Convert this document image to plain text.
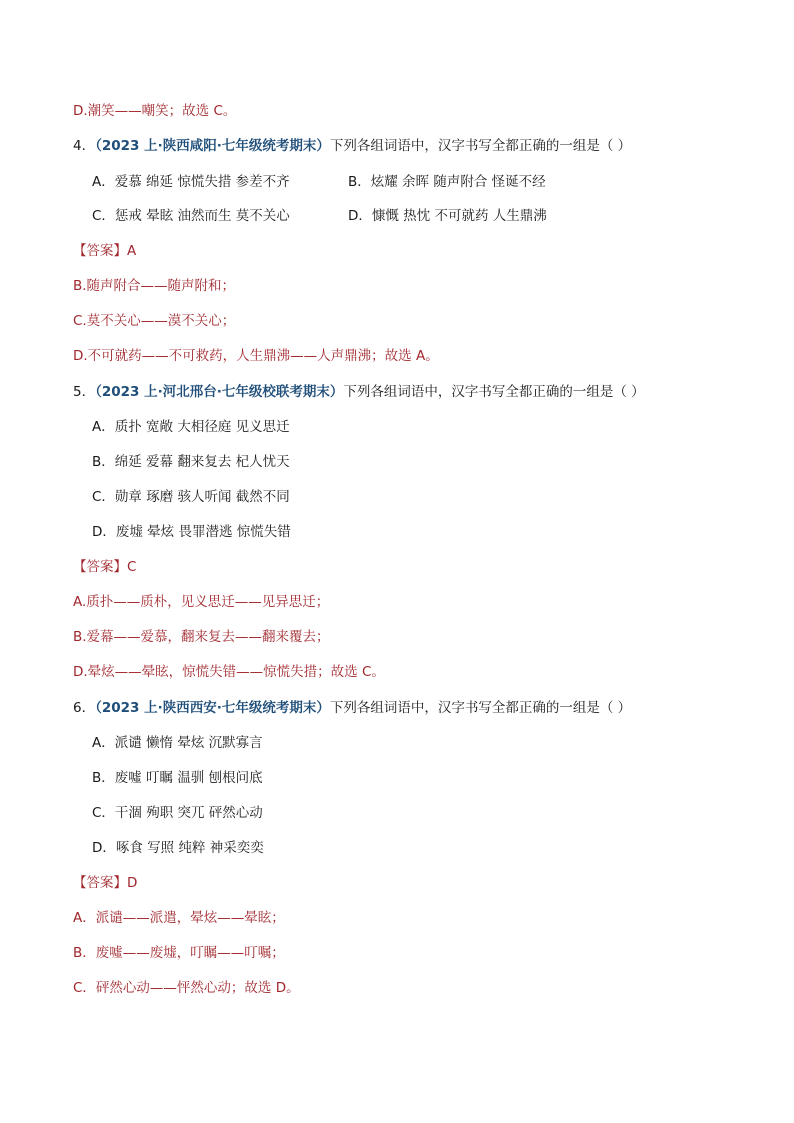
D.潮笑——嘲笑；故选 C。
4．（2023 上·陕西咸阳·七年级统考期末）下列各组词语中，汉字书写全都正确的一组是（ ）
A．爱慕 绵延 惊慌失措 参差不齐	B．炫耀 余晖 随声附合 怪诞不经
C．惩戒 晕眩 油然而生 莫不关心	D．慷慨 热忱 不可就药 人生鼎沸
【答案】A
B.随声附合——随声附和；
C.莫不关心——漠不关心；
D.不可就药——不可救药，人生鼎沸——人声鼎沸；故选 A。
5．（2023 上·河北邢台·七年级校联考期末）下列各组词语中，汉字书写全都正确的一组是（ ）
A．质扑 宽敞 大相径庭 见义思迁
B．绵延 爱幕 翻来复去 杞人忧天
C．勋章 琢磨 骇人听闻 截然不同
D．废墟 晕炫 畏罪潜逃 惊慌失错
【答案】C
A.质扑——质朴，见义思迁——见异思迁；
B.爱幕——爱慕，翻来复去——翻来覆去；
D.晕炫——晕眩，惊慌失错——惊慌失措；故选 C。
6．（2023 上·陕西西安·七年级统考期末）下列各组词语中，汉字书写全都正确的一组是（ ）
A．派谴 懒惰 晕炫 沉默寡言
B．废噓 叮瞩 温驯 刨根问底
C．干涸 殉职 突兀 砰然心动
D．啄食 写照 纯粹 神采奕奕
【答案】D
A．派谴——派遣，晕炫——晕眩；
B．废噓——废墟，叮瞩——叮嘱；
C．砰然心动——怦然心动；故选 D。
